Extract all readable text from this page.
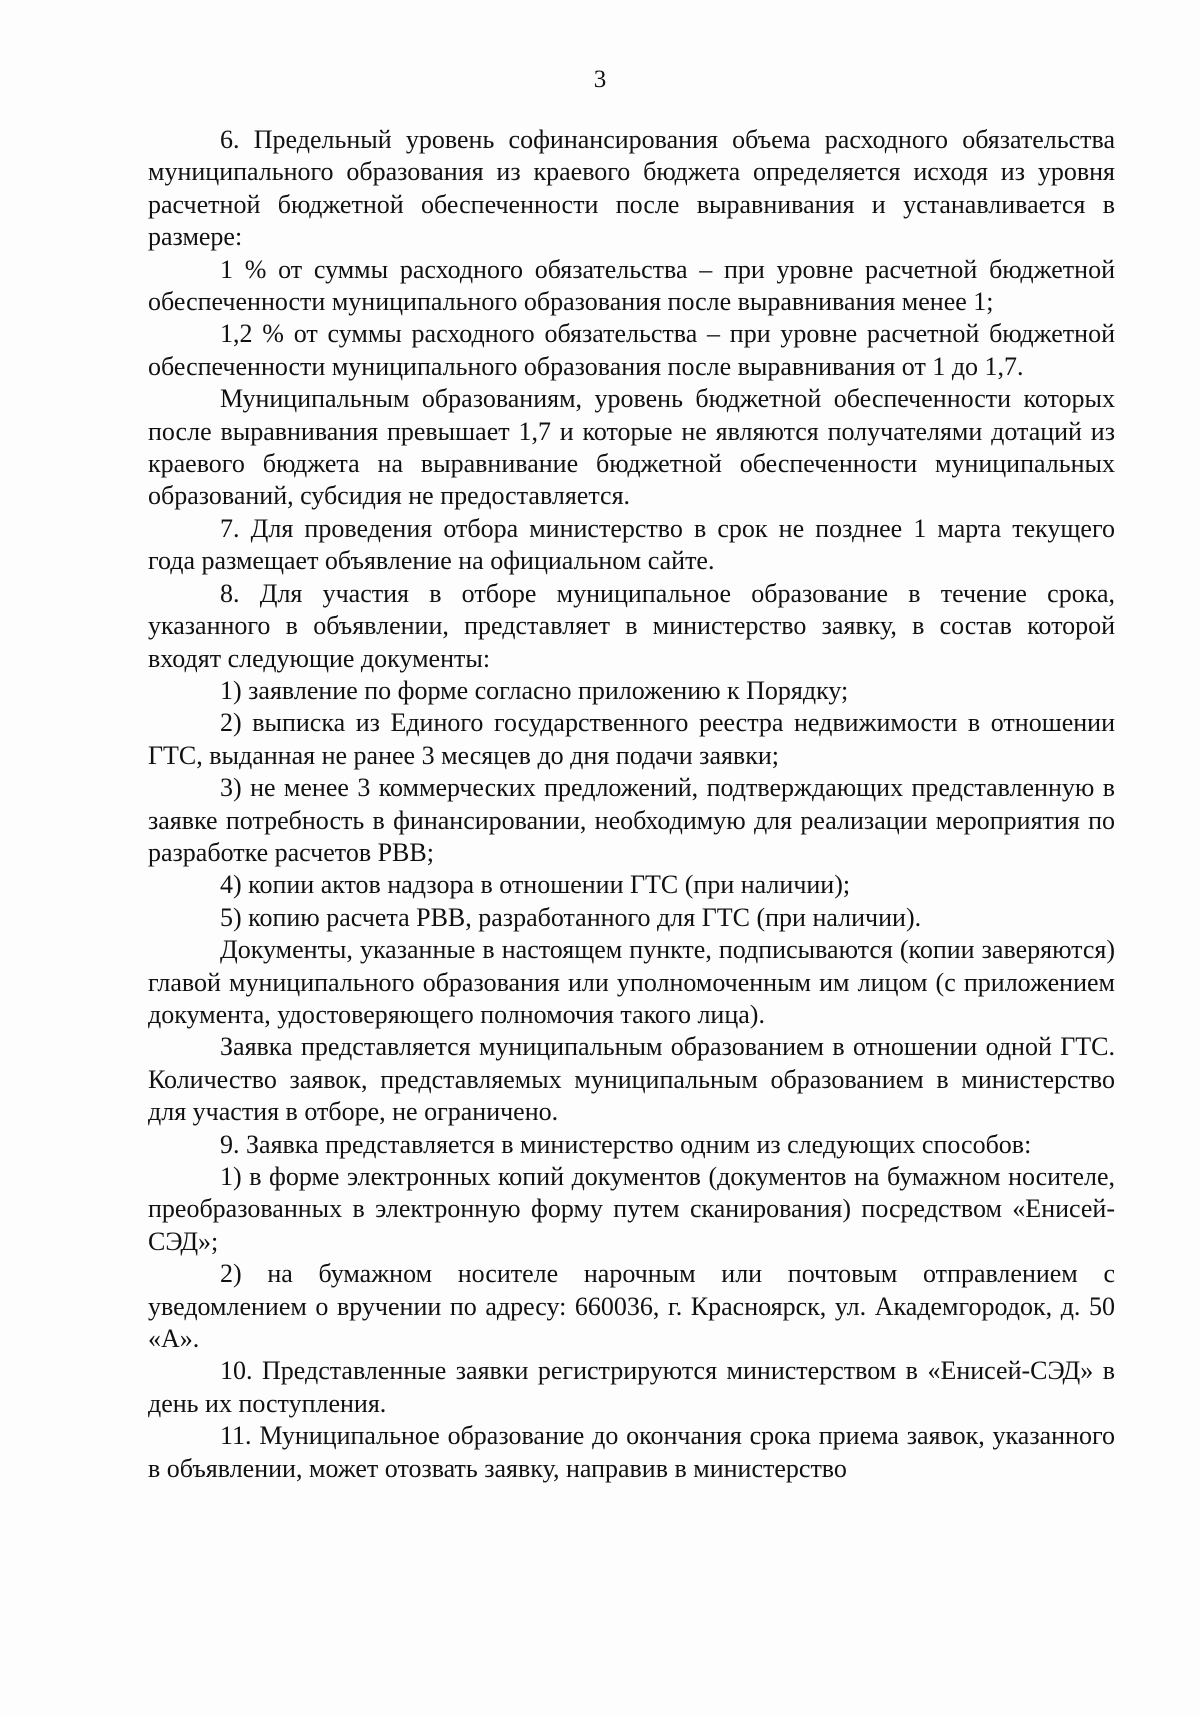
3

6. Предельный уровень софинансирования объема расходного обязательства муниципального образования из краевого бюджета определяется исходя из уровня расчетной бюджетной обеспеченности после выравнивания и устанавливается в размере:

1 % от суммы расходного обязательства – при уровне расчетной бюджетной обеспеченности муниципального образования после выравнивания менее 1;

1,2 % от суммы расходного обязательства – при уровне расчетной бюджетной обеспеченности муниципального образования после выравнивания от 1 до 1,7.

Муниципальным образованиям, уровень бюджетной обеспеченности которых после выравнивания превышает 1,7 и которые не являются получателями дотаций из краевого бюджета на выравнивание бюджетной обеспеченности муниципальных образований, субсидия не предоставляется.

7. Для проведения отбора министерство в срок не позднее 1 марта текущего года размещает объявление на официальном сайте.

8. Для участия в отборе муниципальное образование в течение срока, указанного в объявлении, представляет в министерство заявку, в состав которой входят следующие документы:

1) заявление по форме согласно приложению к Порядку;

2) выписка из Единого государственного реестра недвижимости в отношении ГТС, выданная не ранее 3 месяцев до дня подачи заявки;

3) не менее 3 коммерческих предложений, подтверждающих представленную в заявке потребность в финансировании, необходимую для реализации мероприятия по разработке расчетов РВВ;

4) копии актов надзора в отношении ГТС (при наличии);

5) копию расчета РВВ, разработанного для ГТС (при наличии).

Документы, указанные в настоящем пункте, подписываются (копии заверяются) главой муниципального образования или уполномоченным им лицом (с приложением документа, удостоверяющего полномочия такого лица).

Заявка представляется муниципальным образованием в отношении одной ГТС. Количество заявок, представляемых муниципальным образованием в министерство для участия в отборе, не ограничено.

9. Заявка представляется в министерство одним из следующих способов:

1) в форме электронных копий документов (документов на бумажном носителе, преобразованных в электронную форму путем сканирования) посредством «Енисей-СЭД»;

2) на бумажном носителе нарочным или почтовым отправлением с уведомлением о вручении по адресу: 660036, г. Красноярск, ул. Академгородок, д. 50 «А».

10. Представленные заявки регистрируются министерством в «Енисей-СЭД» в день их поступления.

11. Муниципальное образование до окончания срока приема заявок, указанного в объявлении, может отозвать заявку, направив в министерство
